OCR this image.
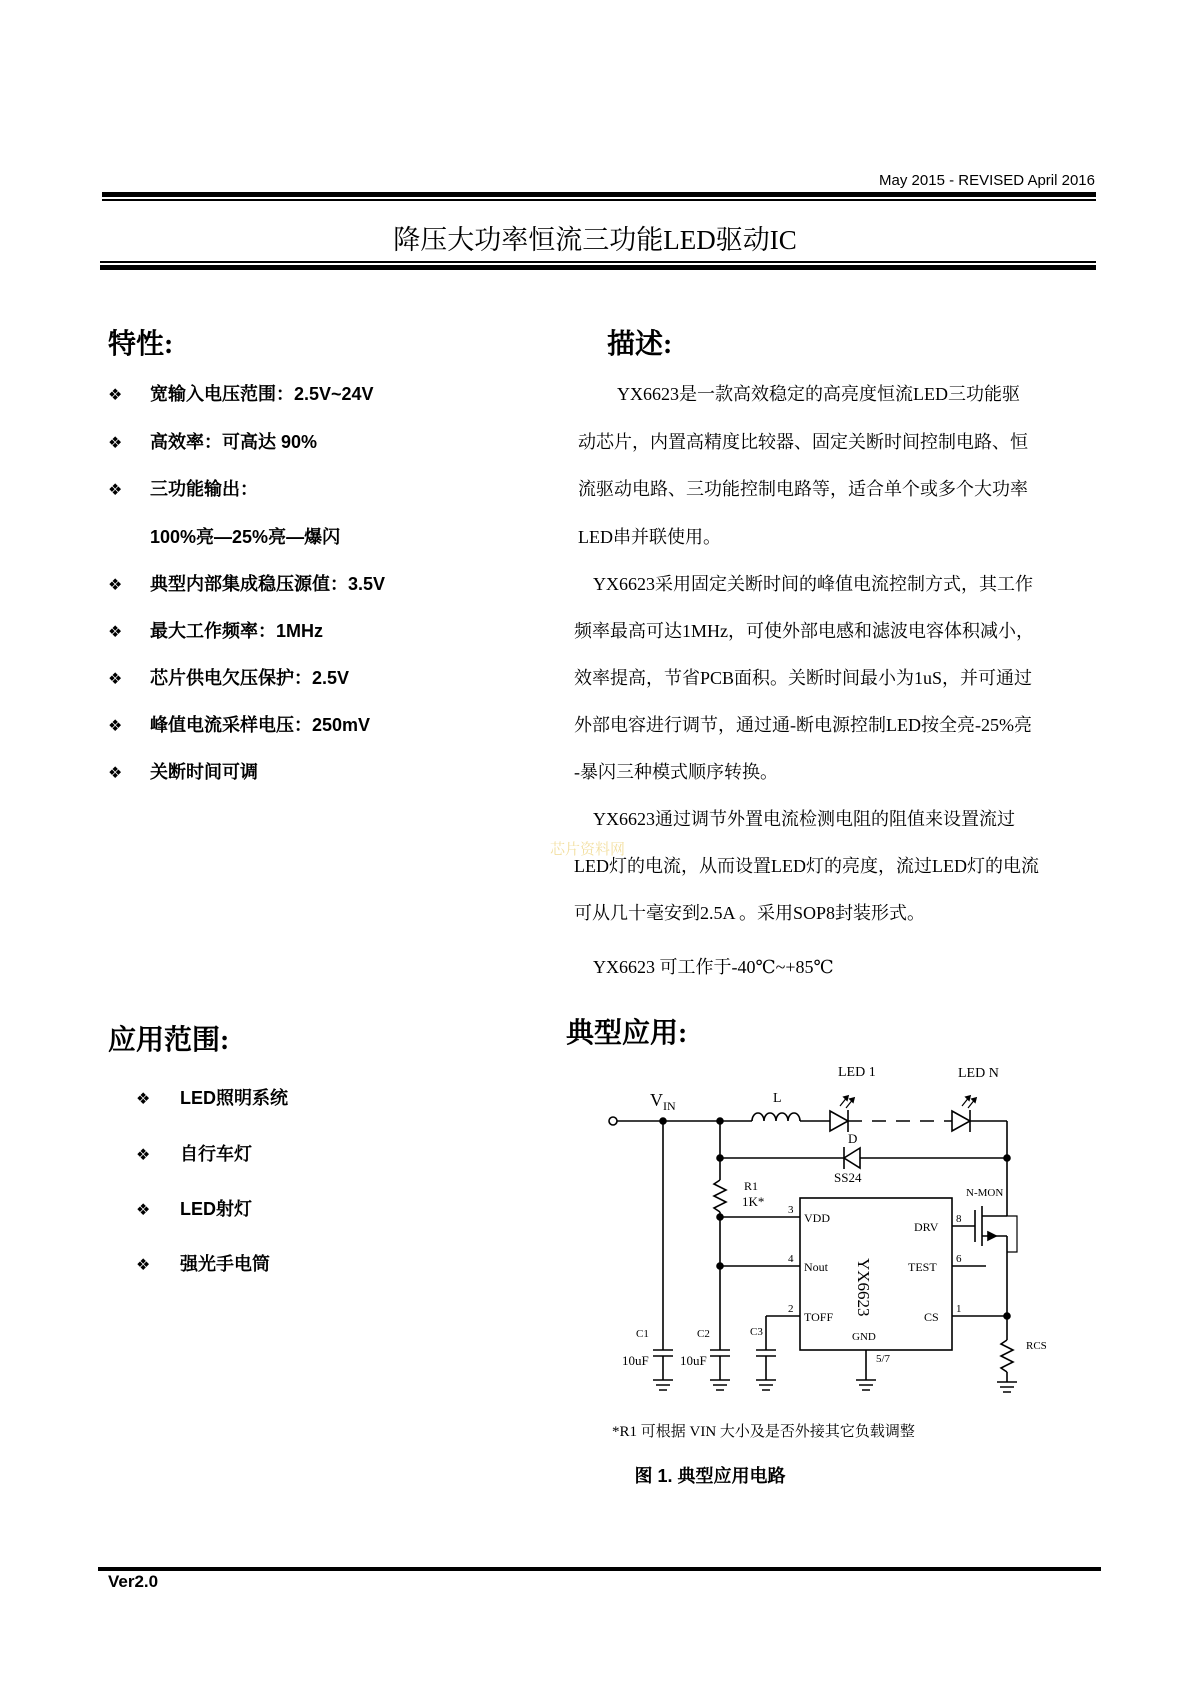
May 2015 - REVISED April 2016
降压大功率恒流三功能LED驱动IC
特性:
❖ 宽输入电压范围：2.5V~24V
❖ 高效率：可高达 90%
❖ 三功能输出：
100%亮—25%亮—爆闪
❖ 典型内部集成稳压源值：3.5V
❖ 最大工作频率：1MHz
❖ 芯片供电欠压保护：2.5V
❖ 峰值电流采样电压：250mV
❖ 关断时间可调
描述:
YX6623是一款高效稳定的高亮度恒流LED三功能驱
动芯片，内置高精度比较器、固定关断时间控制电路、恒
流驱动电路、三功能控制电路等，适合单个或多个大功率
LED串并联使用。
YX6623采用固定关断时间的峰值电流控制方式，其工作
频率最高可达1MHz，可使外部电感和滤波电容体积减小，
效率提高，节省PCB面积。关断时间最小为1uS，并可通过
外部电容进行调节，通过通-断电源控制LED按全亮-25%亮
-暴闪三种模式顺序转换。
YX6623通过调节外置电流检测电阻的阻值来设置流过
LED灯的电流，从而设置LED灯的亮度，流过LED灯的电流
可从几十毫安到2.5A 。采用SOP8封装形式。
YX6623 可工作于-40℃~+85℃
芯片资料网
应用范围:
❖ LED照明系统
❖ 自行车灯
❖ LED射灯
❖ 强光手电筒
典型应用:
$V_{IN}$	L
LED 1	LED N
D
SS24
R1
1K*
YX6623
3
VDD
4
Nout
2
TOFF
8
DRV
6
TEST
1
CS
GND
5/7
N-MON
RCS
C1
10uF
C2
10uF
C3
*R1 可根据 VIN 大小及是否外接其它负载调整
图 1. 典型应用电路
Ver2.0
